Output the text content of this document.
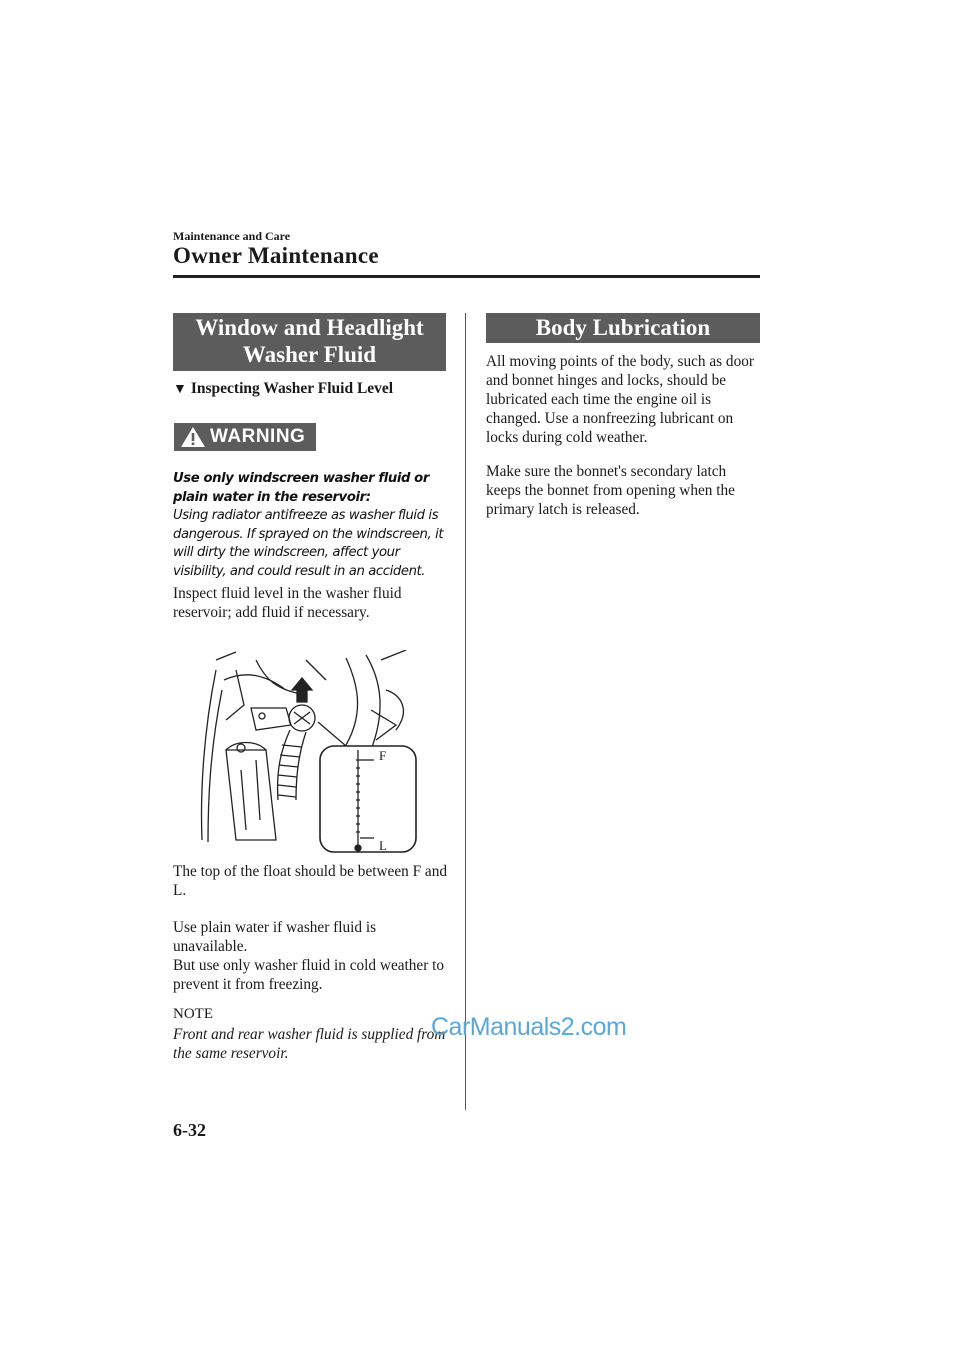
Maintenance and Care
Owner Maintenance
Window and Headlight
Washer Fluid
▼ Inspecting Washer Fluid Level
WARNING
Use only windscreen washer fluid or plain water in the reservoir:
Using radiator antifreeze as washer fluid is dangerous. If sprayed on the windscreen, it will dirty the windscreen, affect your visibility, and could result in an accident.
Inspect fluid level in the washer fluid reservoir; add fluid if necessary.
F
L
The top of the float should be between F and L.
Use plain water if washer fluid is unavailable.
But use only washer fluid in cold weather to prevent it from freezing.
NOTE
Front and rear washer fluid is supplied from the same reservoir.
Body Lubrication
All moving points of the body, such as door and bonnet hinges and locks, should be lubricated each time the engine oil is changed. Use a nonfreezing lubricant on locks during cold weather.
Make sure the bonnet's secondary latch keeps the bonnet from opening when the primary latch is released.
CarManuals2.com
6-32
